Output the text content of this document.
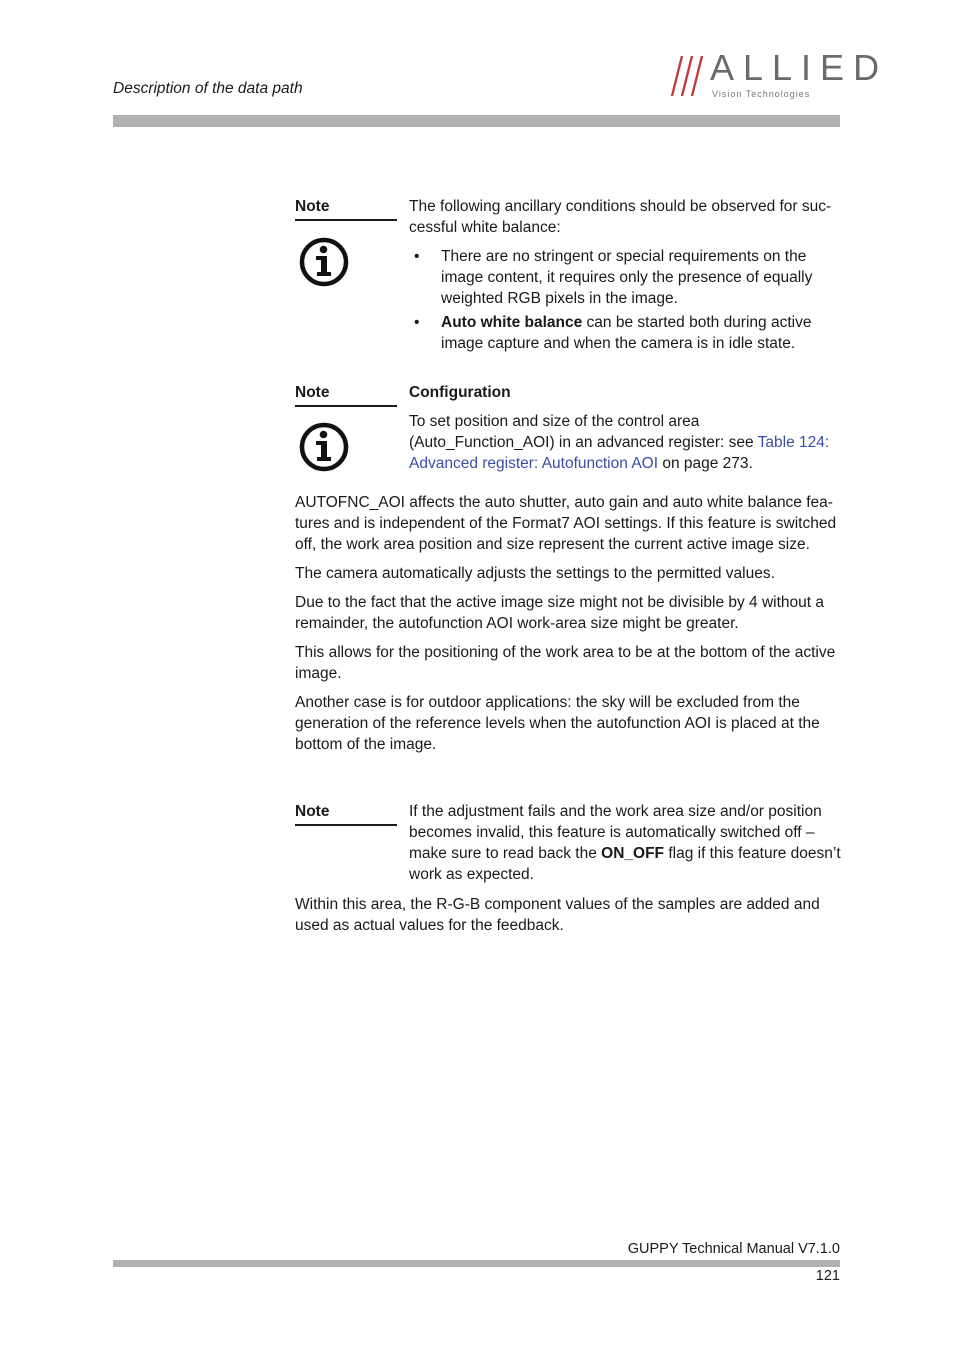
Description of the data path
ALLIED
Vision Technologies
Note	The following ancillary conditions should be observed for suc-cessful white balance:

• There are no stringent or special requirements on the image content, it requires only the presence of equally weighted RGB pixels in the image.
• Auto white balance can be started both during active image capture and when the camera is in idle state.
Note	Configuration

To set position and size of the control area (Auto_Function_AOI) in an advanced register: see Table 124: Advanced register: Autofunction AOI on page 273.

AUTOFNC_AOI affects the auto shutter, auto gain and auto white balance fea-tures and is independent of the Format7 AOI settings. If this feature is switched off, the work area position and size represent the current active image size.

The camera automatically adjusts the settings to the permitted values.

Due to the fact that the active image size might not be divisible by 4 without a remainder, the autofunction AOI work-area size might be greater.

This allows for the positioning of the work area to be at the bottom of the active image.

Another case is for outdoor applications: the sky will be excluded from the generation of the reference levels when the autofunction AOI is placed at the bottom of the image.

Note	If the adjustment fails and the work area size and/or position becomes invalid, this feature is automatically switched off – make sure to read back the ON_OFF flag if this feature doesn’t work as expected.

Within this area, the R-G-B component values of the samples are added and used as actual values for the feedback.

GUPPY Technical Manual V7.1.0
121
